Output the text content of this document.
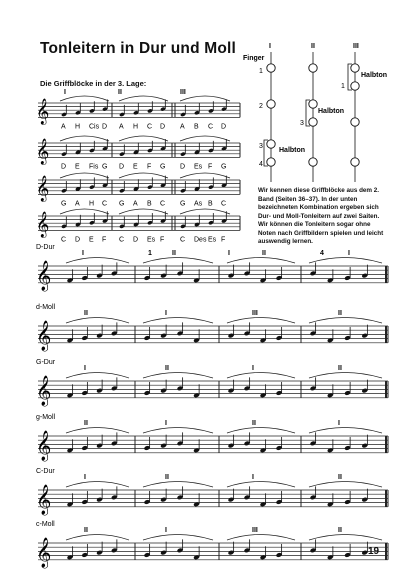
Tonleitern in Dur und Moll
Die Griffblöcke in der 3. Lage:
I	II	III
𝄞
A H Cis D A H C D A B C D
𝄞
D E Fis G D E F G D Es F G
𝄞
G A H C G A B C G As B C
𝄞
C D E F C D Es F C Des Es F
Finger
I	II	III
1
2
3
4
Halbton
Halbton
Halbton
3
1
𝄞
D-Dur
I	1	II	I	II	4	I
𝄞
d-Moll
II	I	III	II
𝄞
G-Dur
I	II	I	II
𝄞
g-Moll
II	I	II	I
𝄞
C-Dur
I	II	I	II
𝄞
c-Moll
II	I	III	II
Wir kennen diese Griffblöcke aus dem 2. Band (Seiten 36–37). In der unten bezeichneten Kombination ergeben sich Dur- und Moll-Tonleitern auf zwei Saiten. Wir können die Tonleitern sogar ohne Noten nach Griffbildern spielen und leicht auswendig lernen.
19
